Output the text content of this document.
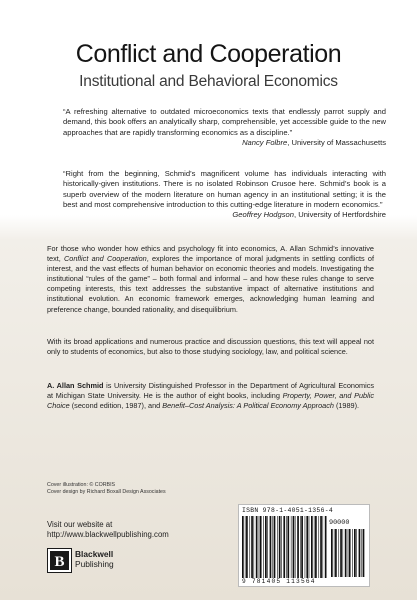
Conflict and Cooperation
Institutional and Behavioral Economics

“A refreshing alternative to outdated microeconomics texts that endlessly parrot supply and demand, this book offers an analytically sharp, comprehensible, yet accessible guide to the new approaches that are rapidly transforming economics as a discipline.”

Nancy Folbre, University of Massachusetts

“Right from the beginning, Schmid’s magnificent volume has individuals interacting with historically-given institutions. There is no isolated Robinson Crusoe here. Schmid’s book is a superb overview of the modern literature on human agency in an institutional setting; it is the best and most comprehensive introduction to this cutting-edge literature in modern economics.”

Geoffrey Hodgson, University of Hertfordshire

For those who wonder how ethics and psychology fit into economics, A. Allan Schmid’s innovative text, Conflict and Cooperation, explores the importance of moral judgments in settling conflicts of interest, and the vast effects of human behavior on economic theories and models. Investigating the institutional “rules of the game” – both formal and informal – and how these rules change to serve competing interests, this text addresses the substantive impact of alternative institutions and institutional evolution. An economic framework emerges, acknowledging human learning and preference change, bounded rationality, and disequilibrium.

With its broad applications and numerous practice and discussion questions, this text will appeal not only to students of economics, but also to those studying sociology, law, and political science.

A. Allan Schmid is University Distinguished Professor in the Department of Agricultural Economics at Michigan State University. He is the author of eight books, including Property, Power, and Public Choice (second edition, 1987), and Benefit–Cost Analysis: A Political Economy Approach (1989).

Cover illustration: © CORBIS
Cover design by Richard Boxall Design Associates
Visit our website at
http://www.blackwellpublishing.com
B Blackwell
Publishing
ISBN 978-1-4051-1356-4
90000
9 781405 113564
